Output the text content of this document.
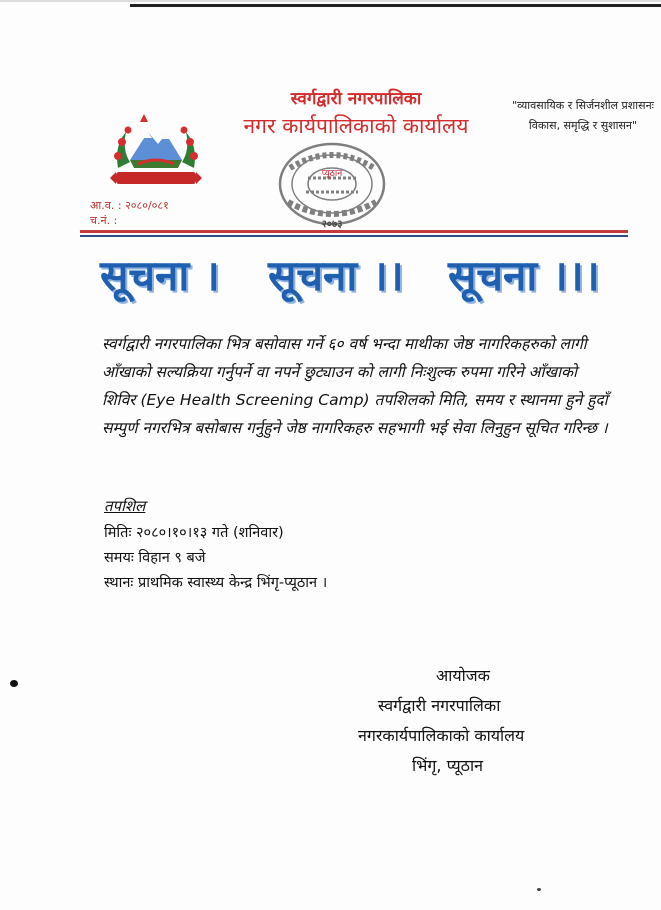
स्वर्गद्वारी नगरपालिका
नगर कार्यपालिकाको कार्यालय
प्यूठान
२०७३
"व्यावसायिक र सिर्जनशील प्रशासनः
विकास, समृद्धि र सुशासन"
आ.व. : २०८०/०८१
च.नं. :
सूचना । सूचना ।। सूचना ।।।
स्वर्गद्वारी नगरपालिका भित्र बसोवास गर्ने ६० वर्ष भन्दा माथीका जेष्ठ नागरिकहरुको लागी आँखाको सल्यक्रिया गर्नुपर्ने वा नपर्ने छुट्याउन को लागी निःशुल्क रुपमा गरिने आँखाको शिविर (Eye Health Screening Camp) तपशिलको मिति, समय र स्थानमा हुने हुदाँ सम्पुर्ण नगरभित्र बसोबास गर्नुहुने जेष्ठ नागरिकहरु सहभागी भई सेवा लिनुहुन सूचित गरिन्छ ।
तपशिल
मितिः २०८०।१०।१३ गते (शनिवार)
समयः विहान ९ बजे
स्थानः प्राथमिक स्वास्थ्य केन्द्र भिंगृ-प्यूठान ।
आयोजक
स्वर्गद्वारी नगरपालिका
नगरकार्यपालिकाको कार्यालय
भिंगृ, प्यूठान
